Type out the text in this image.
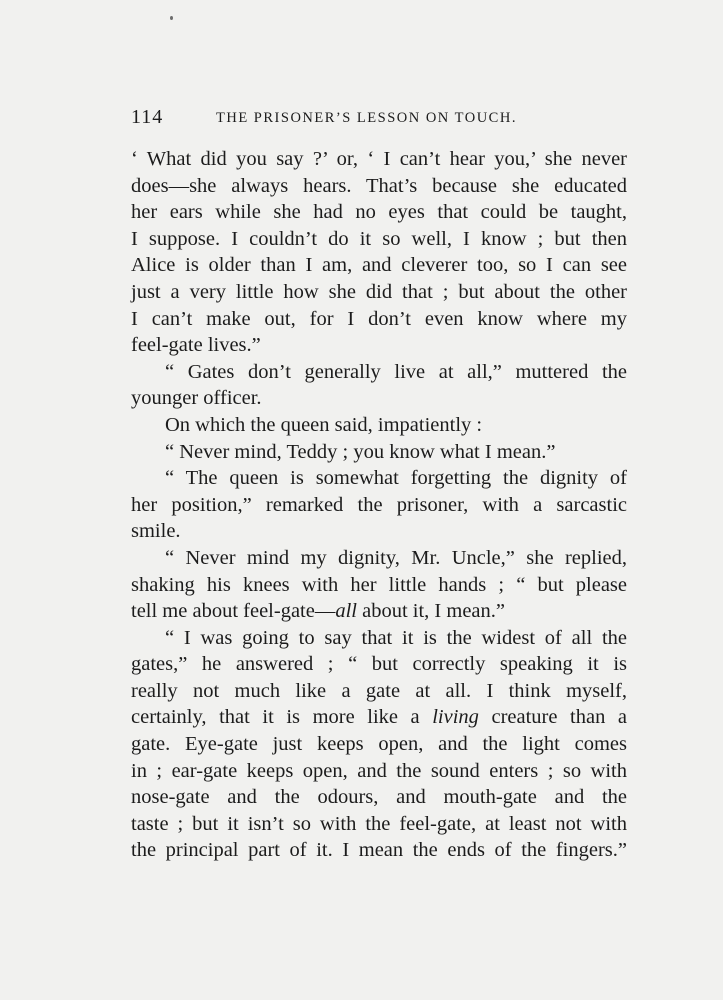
114	THE PRISONER’S LESSON ON TOUCH.
‘ What did you say ?’ or, ‘ I can’t hear you,’ she never
does—she always hears. That’s because she educated
her ears while she had no eyes that could be taught,
I suppose. I couldn’t do it so well, I know ; but then
Alice is older than I am, and cleverer too, so I can see
just a very little how she did that ; but about the other
I can’t make out, for I don’t even know where my
feel-gate lives.”
“ Gates don’t generally live at all,” muttered the
younger officer.
On which the queen said, impatiently :
“ Never mind, Teddy ; you know what I mean.”
“ The queen is somewhat forgetting the dignity of
her position,” remarked the prisoner, with a sarcastic
smile.
“ Never mind my dignity, Mr. Uncle,” she replied,
shaking his knees with her little hands ; “ but please
tell me about feel-gate—all about it, I mean.”
“ I was going to say that it is the widest of all the
gates,” he answered ; “ but correctly speaking it is
really not much like a gate at all. I think myself,
certainly, that it is more like a living creature than a
gate. Eye-gate just keeps open, and the light comes
in ; ear-gate keeps open, and the sound enters ; so with
nose-gate and the odours, and mouth-gate and the
taste ; but it isn’t so with the feel-gate, at least not with
the principal part of it. I mean the ends of the fingers.”
